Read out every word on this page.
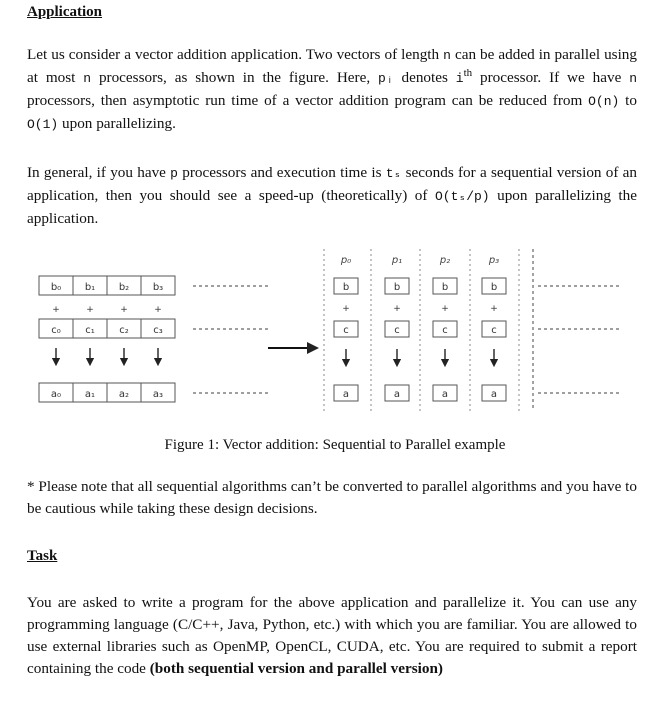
Application

Let us consider a vector addition application. Two vectors of length n can be added in parallel using at most n processors, as shown in the figure. Here, pᵢ denotes $i^{th}$ processor. If we have n processors, then asymptotic run time of a vector addition program can be reduced from O(n) to O(1) upon parallelizing.

In general, if you have p processors and execution time is tₛ seconds for a sequential version of an application, then you should see a speed-up (theoretically) of O(tₛ/p) upon parallelizing the application.

b₀ b₁ b₂ b₃
+	+	+	+
c₀ c₁ c₂ c₃
a₀ a₁ a₂ a₃
p₀	p₁	p₂	p₃
b	b	b	b
+	+	+	+
c	c	c	c
a	a	a	a
Figure 1: Vector addition: Sequential to Parallel example

* Please note that all sequential algorithms can’t be converted to parallel algorithms and you have to be cautious while taking these design decisions.

Task

You are asked to write a program for the above application and parallelize it. You can use any programming language (C/C++, Java, Python, etc.) with which you are familiar. You are allowed to use external libraries such as OpenMP, OpenCL, CUDA, etc. You are required to submit a report containing the code (both sequential version and parallel version)
